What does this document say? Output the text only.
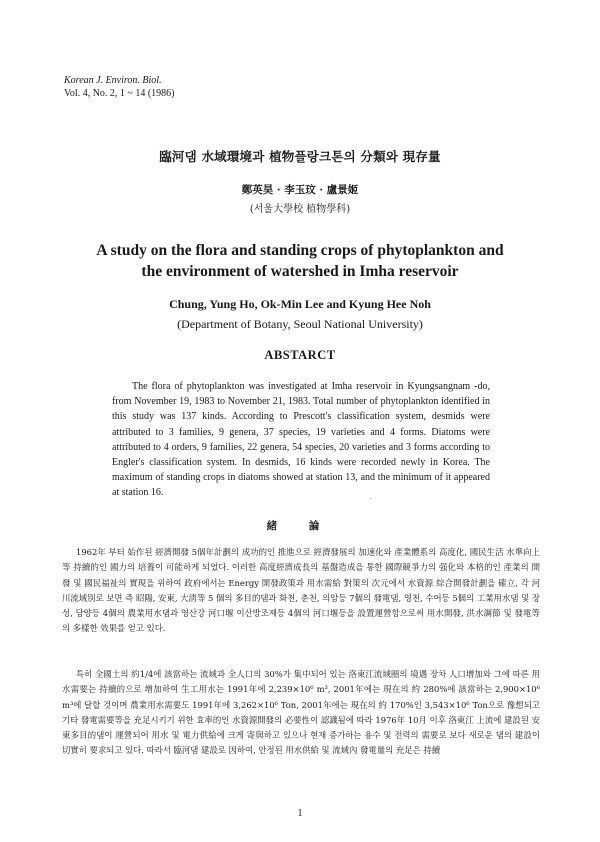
Korean J. Environ. Biol.
Vol. 4, No. 2, 1 ~ 14 (1986)
臨河댐 水域環境과 植物플랑크톤의 分類와 現存量
鄭英昊 · 李玉玟 · 盧景姬
(서울大學校 植物學科)
A study on the flora and standing crops of phytoplankton and
the environment of watershed in Imha reservoir
Chung, Yung Ho, Ok-Min Lee and Kyung Hee Noh
(Department of Botany, Seoul National University)
ABSTARCT

The flora of phytoplankton was investigated at Imha reservoir in Kyungsangnam -do, from November 19, 1983 to November 21, 1983. Total number of phytoplankton identified in this study was 137 kinds. According to Prescott's classification system, desmids were attributed to 3 families, 9 genera, 37 species, 19 varieties and 4 forms. Diatoms were attributed to 4 orders, 9 families, 22 genera, 54 species, 20 varieties and 3 forms according to Engler's classification system. In desmids, 16 kinds were recorded newly in Korea. The maximum of standing crops in diatoms showed at station 13, and the minimum of it appeared at station 16.	.
緒 論

1962年 부터 始作된 經濟開發 5個年計劃의 成功的인 推進으로 經濟發展의 加速化와 產業體系의 高度化, 國民生活 水準向上等 持續的인 國力의 培養이 可能하게 되었다. 이러한 高度經濟成長의 基盤造成을 통한 國際競爭力의 强化와 本格的인 產業의 開發 및 國民福祉의 實現을 위하여 政府에서는 Energy 開發政策과 用水需給 對策의 次元에서 水資源 綜合開發計劃을 確立, 각 河川流域別로 보면 즉 昭陽, 安東, 大淸等 5 個의 多目的댐과 화천, 춘천, 의암등 7個의 發電댐, 영천, 수어등 5個의 工業用水댐 및 장성, 담양등 4個의 農業用水댐과 영산강 河口堰 이산방조제등 4個의 河口堰등을 設置運營함으로써 用水開發, 洪水調節 및 發電等의 多樣한 效果를 얻고 있다.

특히 全國土의 約1/4에 該當하는 流域과 全人口의 30%가 集中되어 있는 洛東江流域圈의 境遇 장차 人口增加와 그에 따른 用水需要는 持續的으로 增加하여 生工用水는 1991年에 2,239×10⁶ m³, 2001年에는 現在의 約 280%에 該當하는 2,900×10⁶ m³에 달할 것이며 農業用水需要도 1991年에 3,262×10⁶ Ton, 2001年에는 現在의 約 170%인 3,543×10⁶ Ton으로 豫想되고 기타 發電需要等을 充足시키기 위한 효率的인 水資源開發의 必要性이 認識됨에 따라 1976年 10月 이후 洛東江 上流에 建設된 安東多目的댐이 運營되어 用水 및 電力供給에 크게 寄與하고 있으나 현재 증가하는 용수 및 전력의 需要로 보다 새로운 댐의 建設이 切實히 要求되고 있다. 따라서 臨河댐 建設로 因하여, 안정된 用水供給 및 流域內 發電量의 充足은 持續

1
